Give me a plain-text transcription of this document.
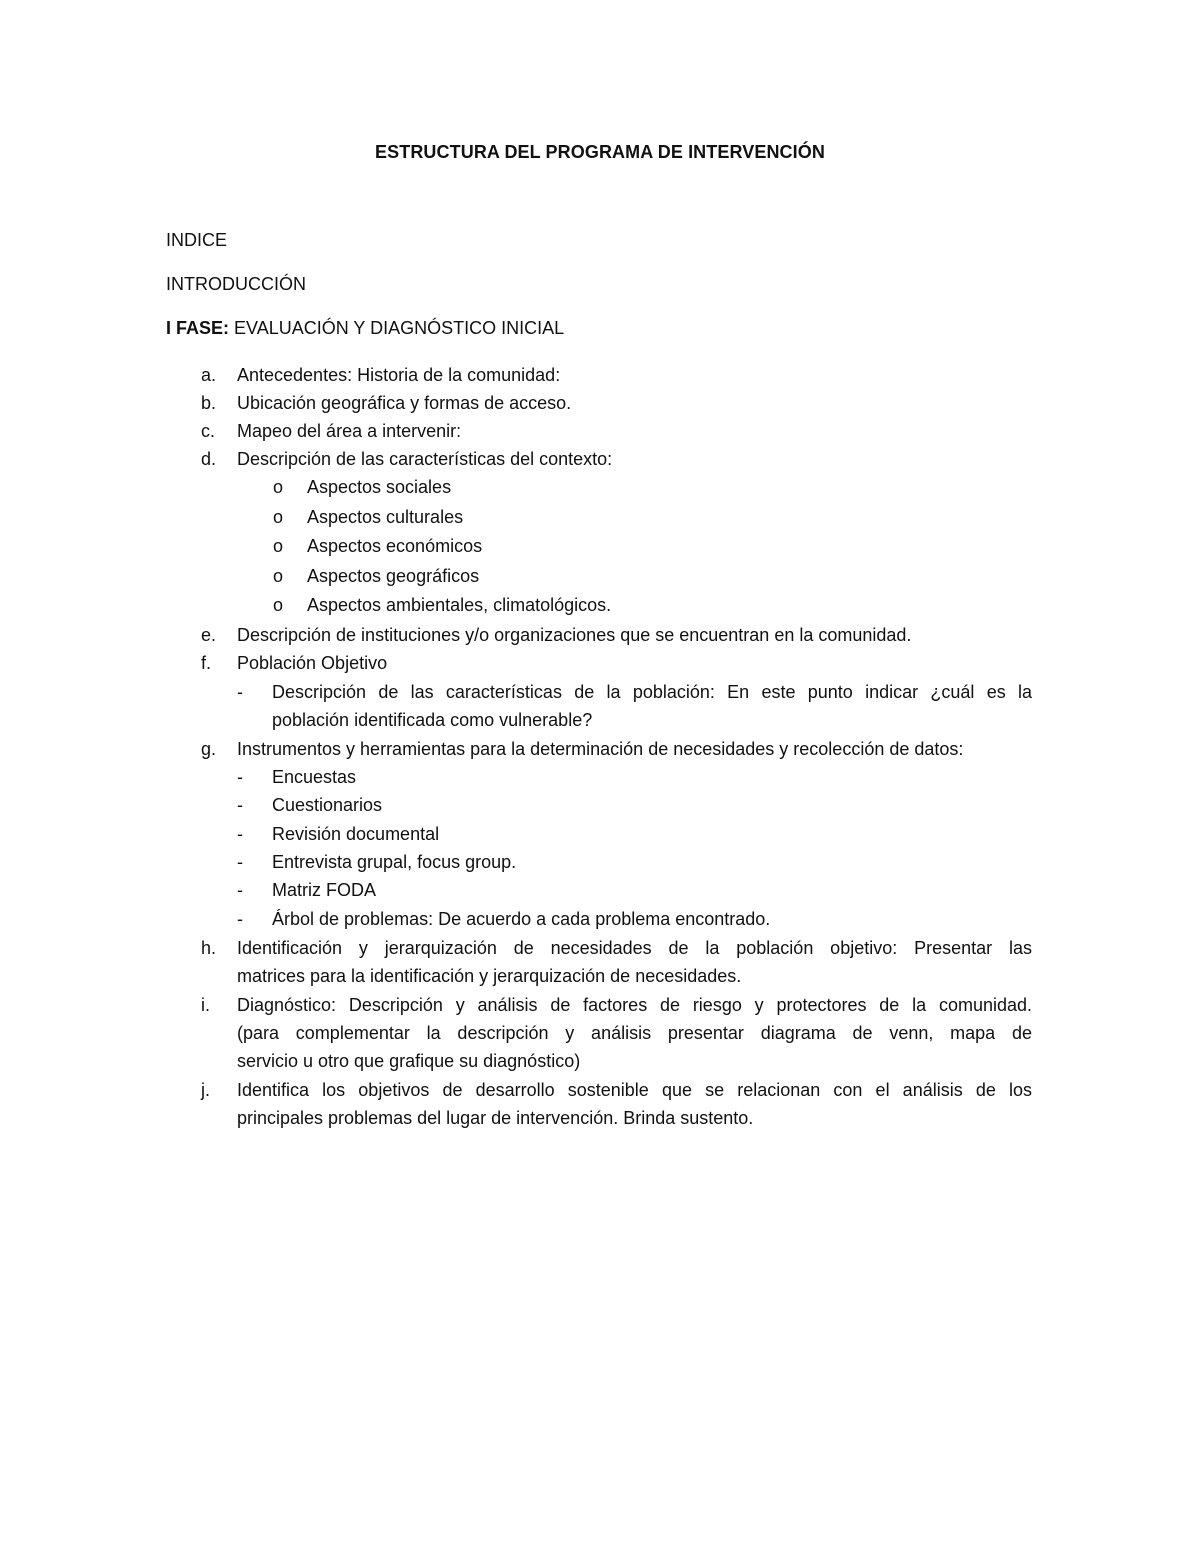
ESTRUCTURA DEL PROGRAMA DE INTERVENCIÓN
INDICE
INTRODUCCIÓN
I FASE: EVALUACIÓN Y DIAGNÓSTICO INICIAL
a. Antecedentes: Historia de la comunidad:
b. Ubicación geográfica y formas de acceso.
c. Mapeo del área a intervenir:
d. Descripción de las características del contexto:
o Aspectos sociales
o Aspectos culturales
o Aspectos económicos
o Aspectos geográficos
o Aspectos ambientales, climatológicos.
e. Descripción de instituciones y/o organizaciones que se encuentran en la comunidad.
f. Población Objetivo
- Descripción de las características de la población: En este punto indicar ¿cuál es la
población identificada como vulnerable?
g. Instrumentos y herramientas para la determinación de necesidades y recolección de datos:
- Encuestas
- Cuestionarios
- Revisión documental
- Entrevista grupal, focus group.
- Matriz FODA
- Árbol de problemas: De acuerdo a cada problema encontrado.
h. Identificación y jerarquización de necesidades de la población objetivo: Presentar las
matrices para la identificación y jerarquización de necesidades.
i. Diagnóstico: Descripción y análisis de factores de riesgo y protectores de la comunidad.
(para complementar la descripción y análisis presentar diagrama de venn, mapa de
servicio u otro que grafique su diagnóstico)
j. Identifica los objetivos de desarrollo sostenible que se relacionan con el análisis de los
principales problemas del lugar de intervención. Brinda sustento.
